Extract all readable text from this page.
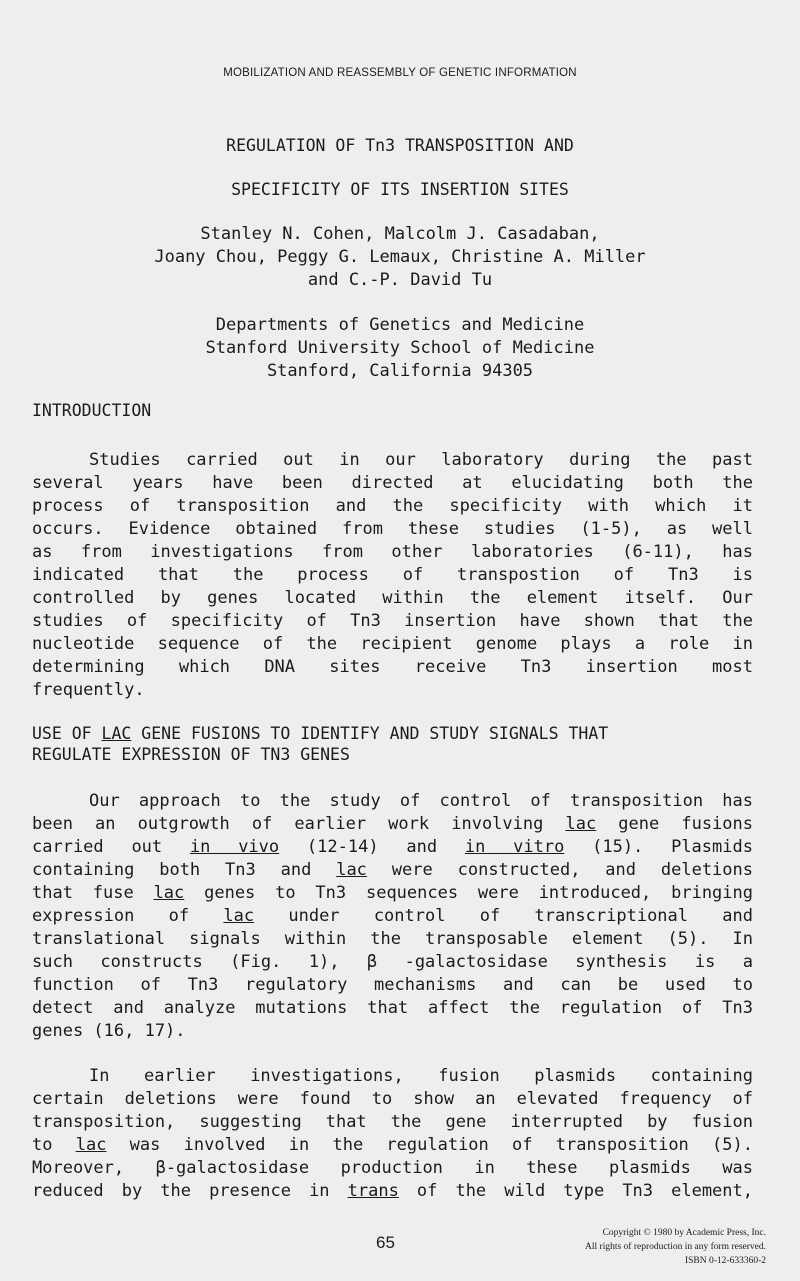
MOBILIZATION AND REASSEMBLY OF GENETIC INFORMATION
REGULATION OF Tn3 TRANSPOSITION AND
SPECIFICITY OF ITS INSERTION SITES
Stanley N. Cohen, Malcolm J. Casadaban,
Joany Chou, Peggy G. Lemaux, Christine A. Miller
and C.-P. David Tu
Departments of Genetics and Medicine
Stanford University School of Medicine
Stanford, California 94305
INTRODUCTION
Studies carried out in our laboratory during the past
several years have been directed at elucidating both the
process of transposition and the specificity with which it
occurs. Evidence obtained from these studies (1-5), as well
as from investigations from other laboratories (6-11), has
indicated that the process of transpostion of Tn3 is
controlled by genes located within the element itself. Our
studies of specificity of Tn3 insertion have shown that the
nucleotide sequence of the recipient genome plays a role in
determining which DNA sites receive Tn3 insertion most
frequently.
USE OF LAC GENE FUSIONS TO IDENTIFY AND STUDY SIGNALS THAT
REGULATE EXPRESSION OF TN3 GENES
Our approach to the study of control of transposition has
been an outgrowth of earlier work involving lac gene fusions
carried out in vivo (12-14) and in vitro (15). Plasmids
containing both Tn3 and lac were constructed, and deletions
that fuse lac genes to Tn3 sequences were introduced, bringing
expression of lac under control of transcriptional and
translational signals within the transposable element (5). In
such constructs (Fig. 1), β -galactosidase synthesis is a
function of Tn3 regulatory mechanisms and can be used to
detect and analyze mutations that affect the regulation of Tn3
genes (16, 17).
In earlier investigations, fusion plasmids containing
certain deletions were found to show an elevated frequency of
transposition, suggesting that the gene interrupted by fusion
to lac was involved in the regulation of transposition (5).
Moreover, β-galactosidase production in these plasmids was
reduced by the presence in trans of the wild type Tn3 element,
65	Copyright © 1980 by Academic Press, Inc.
All rights of reproduction in any form reserved.
ISBN 0-12-633360-2
